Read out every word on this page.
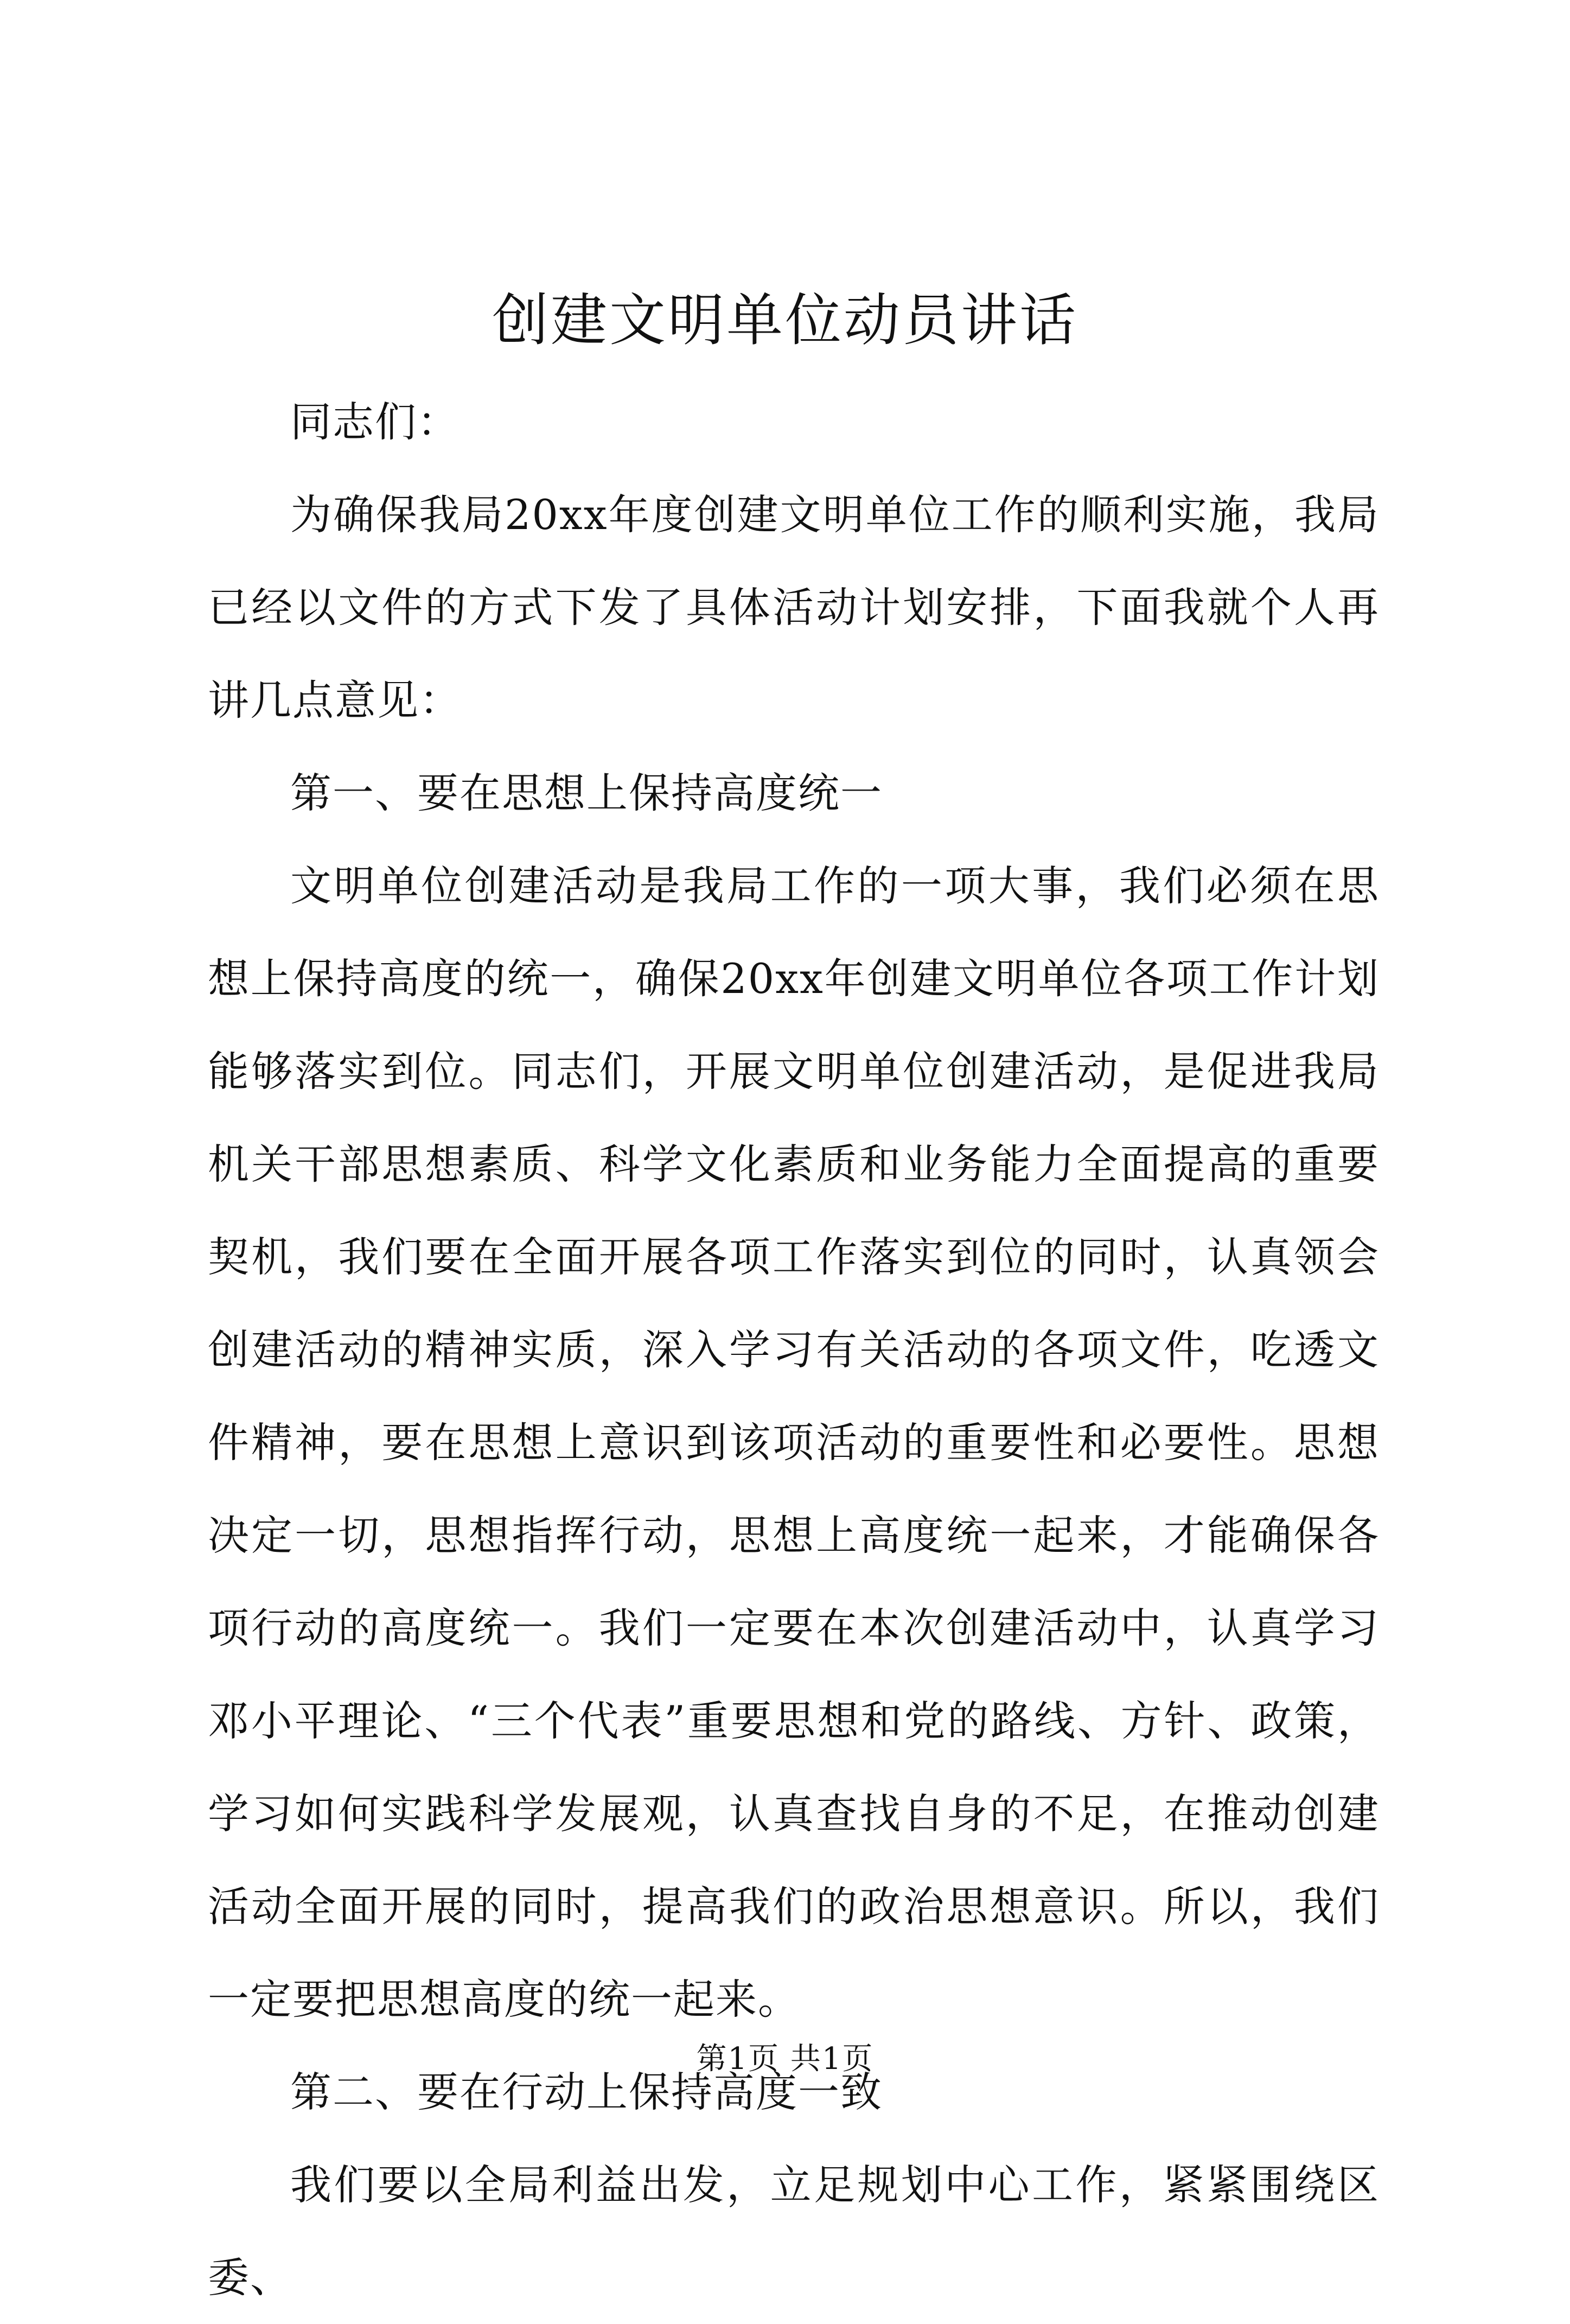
创建文明单位动员讲话

同志们：

为确保我局20xx年度创建文明单位工作的顺利实施，我局已经以文件的方式下发了具体活动计划安排，下面我就个人再讲几点意见：

第一、要在思想上保持高度统一

文明单位创建活动是我局工作的一项大事，我们必须在思想上保持高度的统一，确保20xx年创建文明单位各项工作计划能够落实到位。同志们，开展文明单位创建活动，是促进我局机关干部思想素质、科学文化素质和业务能力全面提高的重要契机，我们要在全面开展各项工作落实到位的同时，认真领会创建活动的精神实质，深入学习有关活动的各项文件，吃透文件精神，要在思想上意识到该项活动的重要性和必要性。思想决定一切，思想指挥行动，思想上高度统一起来，才能确保各项行动的高度统一。我们一定要在本次创建活动中，认真学习邓小平理论、“三个代表”重要思想和党的路线、方针、政策，学习如何实践科学发展观，认真查找自身的不足，在推动创建活动全面开展的同时，提高我们的政治思想意识。所以，我们一定要把思想高度的统一起来。

第二、要在行动上保持高度一致

我们要以全局利益出发，立足规划中心工作，紧紧围绕区委、

第1页 共1页
